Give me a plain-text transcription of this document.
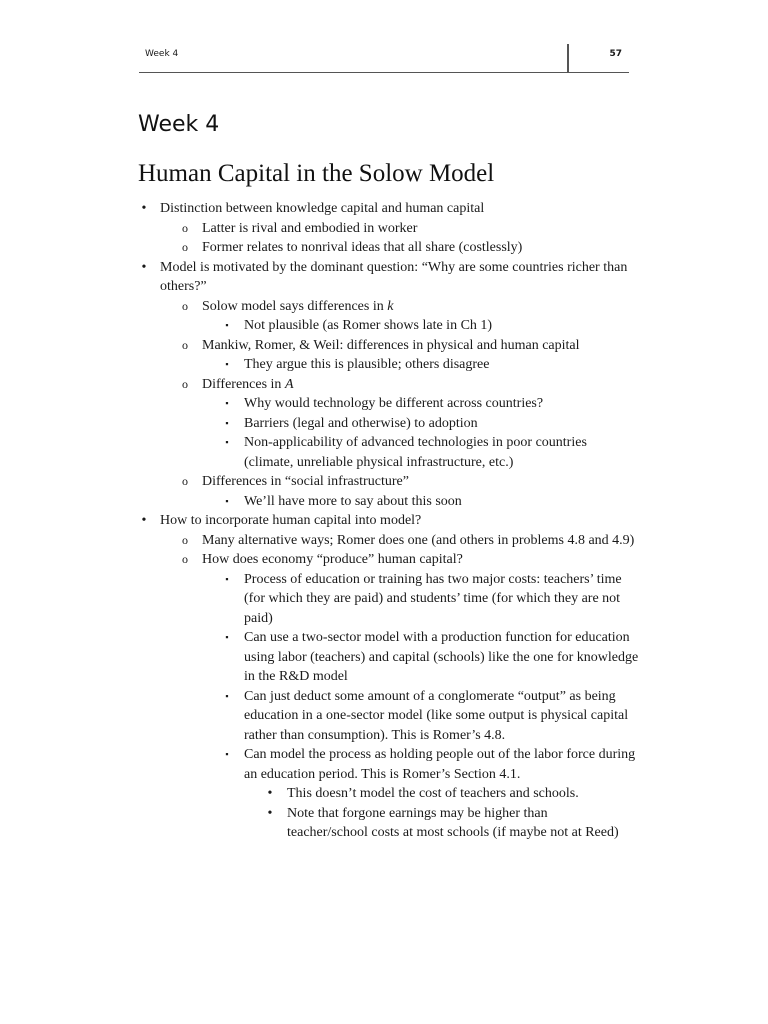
Week 4	57
Week 4
Human Capital in the Solow Model
• Distinction between knowledge capital and human capital
o	Latter is rival and embodied in worker
o	Former relates to nonrival ideas that all share (costlessly)
• Model is motivated by the dominant question: “Why are some countries richer than
others?”
o	Solow model says differences in k
▪	Not plausible (as Romer shows late in Ch 1)
o	Mankiw, Romer, & Weil: differences in physical and human capital
▪	They argue this is plausible; others disagree
o	Differences in A
▪	Why would technology be different across countries?
▪	Barriers (legal and otherwise) to adoption
▪	Non-applicability of advanced technologies in poor countries
(climate, unreliable physical infrastructure, etc.)
o	Differences in “social infrastructure”
▪	We’ll have more to say about this soon
• How to incorporate human capital into model?
o	Many alternative ways; Romer does one (and others in problems 4.8 and 4.9)
o	How does economy “produce” human capital?
▪	Process of education or training has two major costs: teachers’ time
(for which they are paid) and students’ time (for which they are not
paid)
▪	Can use a two-sector model with a production function for education
using labor (teachers) and capital (schools) like the one for knowledge
in the R&D model
▪	Can just deduct some amount of a conglomerate “output” as being
education in a one-sector model (like some output is physical capital
rather than consumption). This is Romer’s 4.8.
▪	Can model the process as holding people out of the labor force during
an education period. This is Romer’s Section 4.1.
•	This doesn’t model the cost of teachers and schools.
•	Note that forgone earnings may be higher than
teacher/school costs at most schools (if maybe not at Reed)
